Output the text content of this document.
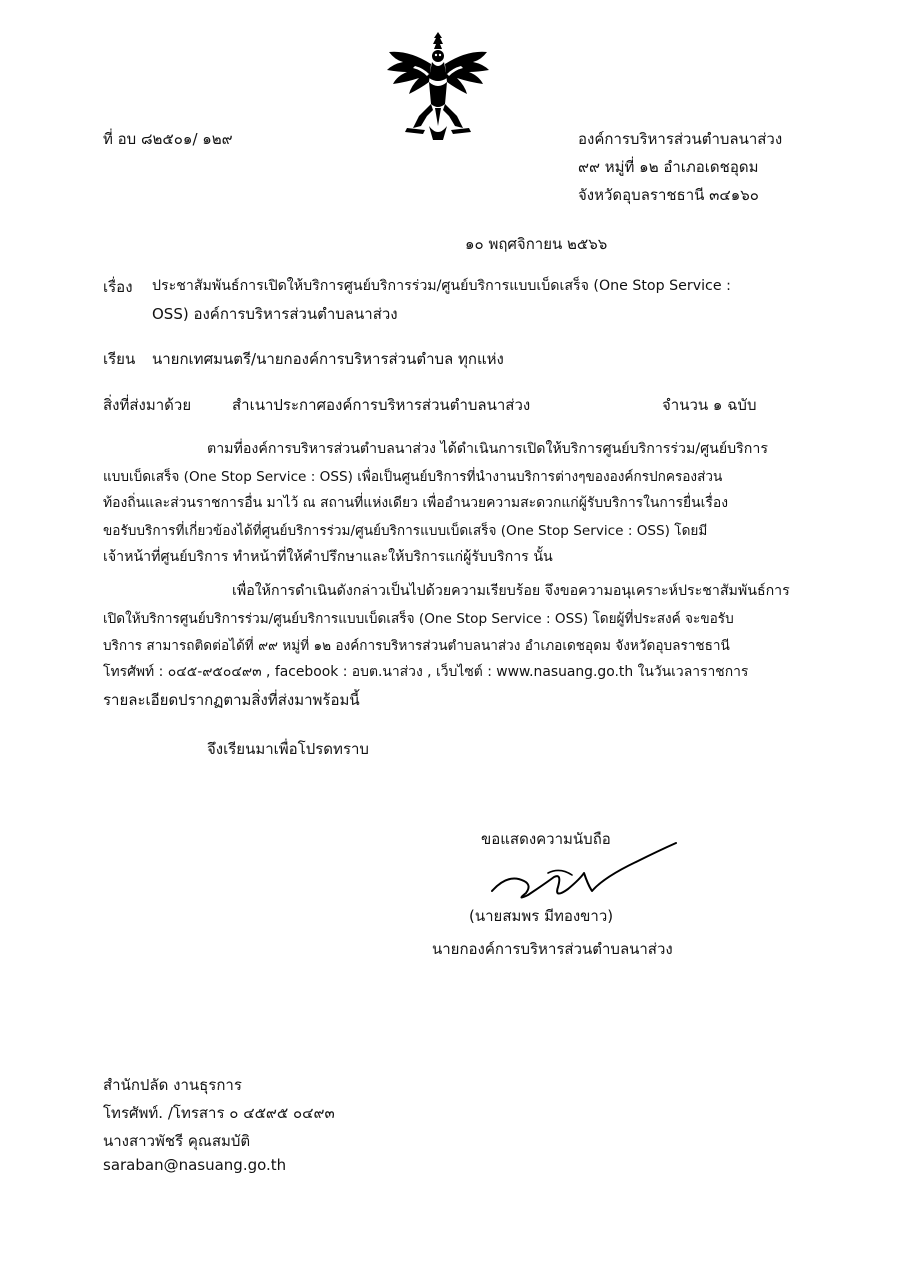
ที่ อบ ๘๒๕๐๑/ ๑๒๙	องค์การบริหารส่วนตำบลนาส่วง
๙๙ หมู่ที่ ๑๒ อำเภอเดชอุดม
จังหวัดอุบลราชธานี ๓๔๑๖๐
๑๐ พฤศจิกายน ๒๕๖๖
เรื่อง ประชาสัมพันธ์การเปิดให้บริการศูนย์บริการร่วม/ศูนย์บริการแบบเบ็ดเสร็จ (One Stop Service :
OSS) องค์การบริหารส่วนตำบลนาส่วง
เรียน นายกเทศมนตรี/นายกองค์การบริหารส่วนตำบล ทุกแห่ง
สิ่งที่ส่งมาด้วย	สำเนาประกาศองค์การบริหารส่วนตำบลนาส่วง	จำนวน ๑ ฉบับ
ตามที่องค์การบริหารส่วนตำบลนาส่วง ได้ดำเนินการเปิดให้บริการศูนย์บริการร่วม/ศูนย์บริการ
แบบเบ็ดเสร็จ (One Stop Service : OSS) เพื่อเป็นศูนย์บริการที่นำงานบริการต่างๆขององค์กรปกครองส่วน
ท้องถิ่นและส่วนราชการอื่น มาไว้ ณ สถานที่แห่งเดียว เพื่ออำนวยความสะดวกแก่ผู้รับบริการในการยื่นเรื่อง
ขอรับบริการที่เกี่ยวข้องได้ที่ศูนย์บริการร่วม/ศูนย์บริการแบบเบ็ดเสร็จ (One Stop Service : OSS) โดยมี
เจ้าหน้าที่ศูนย์บริการ ทำหน้าที่ให้คำปรึกษาและให้บริการแก่ผู้รับบริการ นั้น
เพื่อให้การดำเนินดังกล่าวเป็นไปด้วยความเรียบร้อย จึงขอความอนุเคราะห์ประชาสัมพันธ์การ
เปิดให้บริการศูนย์บริการร่วม/ศูนย์บริการแบบเบ็ดเสร็จ (One Stop Service : OSS) โดยผู้ที่ประสงค์ จะขอรับ
บริการ สามารถติดต่อได้ที่ ๙๙ หมู่ที่ ๑๒ องค์การบริหารส่วนตำบลนาส่วง อำเภอเดชอุดม จังหวัดอุบลราชธานี
โทรศัพท์ : ๐๔๕-๙๕๐๔๙๓ , facebook : อบต.นาส่วง , เว็บไซต์ : www.nasuang.go.th ในวันเวลาราชการ
รายละเอียดปรากฏตามสิ่งที่ส่งมาพร้อมนี้
จึงเรียนมาเพื่อโปรดทราบ
ขอแสดงความนับถือ
(นายสมพร มีทองขาว)
นายกองค์การบริหารส่วนตำบลนาส่วง
สำนักปลัด งานธุรการ
โทรศัพท์. /โทรสาร ๐ ๔๕๙๕ ๐๔๙๓
นางสาวพัชรี คุณสมบัติ
saraban@nasuang.go.th
